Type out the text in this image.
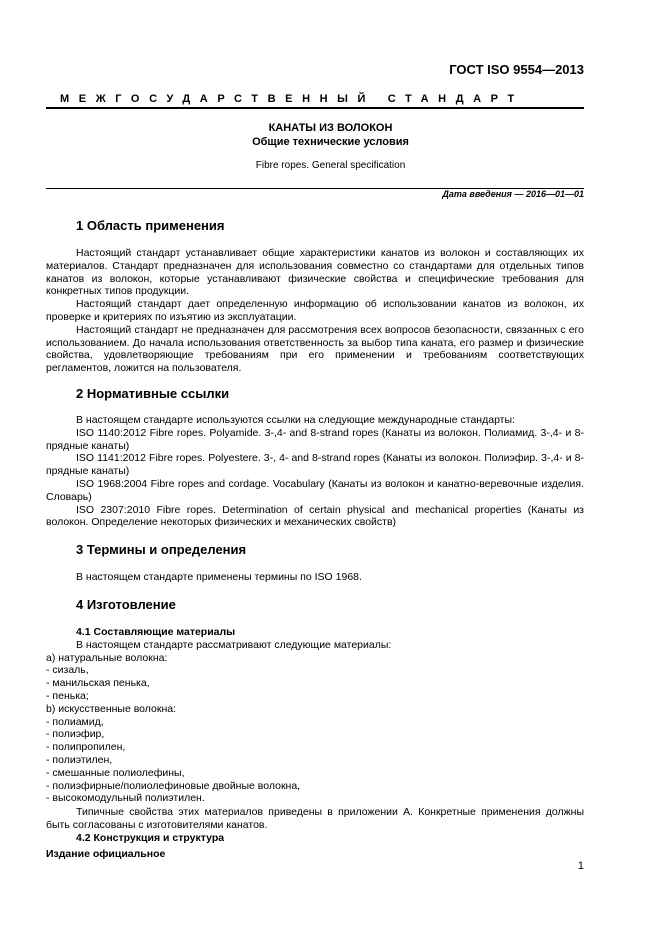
ГОСТ ISO 9554—2013
МЕЖГОСУДАРСТВЕННЫЙ СТАНДАРТ
КАНАТЫ ИЗ ВОЛОКОН
Общие технические условия
Fibre ropes. General specification
Дата введения — 2016—01—01
1 Область применения

Настоящий стандарт устанавливает общие характеристики канатов из волокон и составляющих их материалов. Стандарт предназначен для использования совместно со стандартами для отдельных типов канатов из волокон, которые устанавливают физические свойства и специфические требования для конкретных типов продукции.

Настоящий стандарт дает определенную информацию об использовании канатов из волокон, их проверке и критериях по изъятию из эксплуатации.

Настоящий стандарт не предназначен для рассмотрения всех вопросов безопасности, связанных с его использованием. До начала использования ответственность за выбор типа каната, его размер и физические свойства, удовлетворяющие требованиям при его применении и требованиям соответствующих регламентов, ложится на пользователя.

2 Нормативные ссылки

В настоящем стандарте используются ссылки на следующие международные стандарты:

ISO 1140:2012 Fibre ropes. Polyamide. 3-,4- and 8-strand ropes (Канаты из волокон. Полиамид. 3-,4- и 8-прядные канаты)

ISO 1141:2012 Fibre ropes. Polyestere. 3-, 4- and 8-strand ropes (Канаты из волокон. Полиэфир. 3-,4- и 8-прядные канаты)

ISO 1968:2004 Fibre ropes and cordage. Vocabulary (Канаты из волокон и канатно-веревочные изделия. Словарь)

ISO 2307:2010 Fibre ropes. Determination of certain physical and mechanical properties (Канаты из волокон. Определение некоторых физических и механических свойств)

3 Термины и определения

В настоящем стандарте применены термины по ISO 1968.

4 Изготовление
4.1 Составляющие материалы
В настоящем стандарте рассматривают следующие материалы:
а) натуральные волокна:
- сизаль,
- манильская пенька,
- пенька;
b) искусственные волокна:
- полиамид,
- полиэфир,
- полипропилен,
- полиэтилен,
- смешанные полиолефины,
- полиэфирные/полиолефиновые двойные волокна,
- высокомодульный полиэтилен.

Типичные свойства этих материалов приведены в приложении А. Конкретные применения должны быть согласованы с изготовителями канатов.

4.2 Конструкция и структура
Издание официальное
1
